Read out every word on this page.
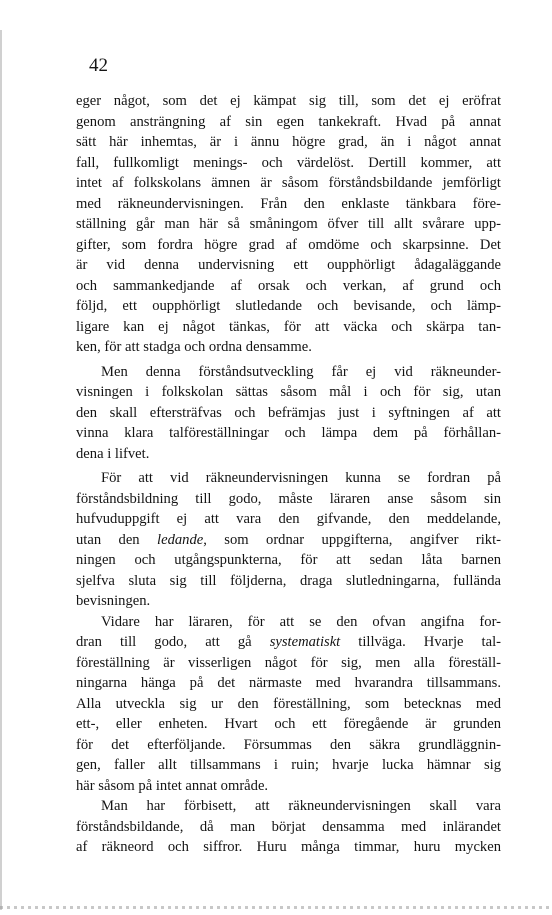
42
eger något, som det ej kämpat sig till, som det ej eröfrat
genom ansträngning af sin egen tankekraft. Hvad på annat
sätt här inhemtas, är i ännu högre grad, än i något annat
fall, fullkomligt menings- och värdelöst. Dertill kommer, att
intet af folkskolans ämnen är såsom förståndsbildande jemförligt
med räkneundervisningen. Från den enklaste tänkbara före-
ställning går man här så småningom öfver till allt svårare upp-
gifter, som fordra högre grad af omdöme och skarpsinne. Det
är vid denna undervisning ett oupphörligt ådagaläggande
och sammankedjande af orsak och verkan, af grund och
följd, ett oupphörligt slutledande och bevisande, och lämp-
ligare kan ej något tänkas, för att väcka och skärpa tan-
ken, för att stadga och ordna densamme.
Men denna förståndsutveckling får ej vid räkneunder-
visningen i folkskolan sättas såsom mål i och för sig, utan
den skall eftersträfvas och befrämjas just i syftningen af att
vinna klara talföreställningar och lämpa dem på förhållan-
dena i lifvet.
För att vid räkneundervisningen kunna se fordran på
förståndsbildning till godo, måste läraren anse såsom sin
hufvuduppgift ej att vara den gifvande, den meddelande,
utan den ledande, som ordnar uppgifterna, angifver rikt-
ningen och utgångspunkterna, för att sedan låta barnen
sjelfva sluta sig till följderna, draga slutledningarna, fullända
bevisningen.
Vidare har läraren, för att se den ofvan angifna for-
dran till godo, att gå systematiskt tillväga. Hvarje tal-
föreställning är visserligen något för sig, men alla föreställ-
ningarna hänga på det närmaste med hvarandra tillsammans.
Alla utveckla sig ur den föreställning, som betecknas med
ett-, eller enheten. Hvart och ett föregående är grunden
för det efterföljande. Försummas den säkra grundläggnin-
gen, faller allt tillsammans i ruin; hvarje lucka hämnar sig
här såsom på intet annat område.
Man har förbisett, att räkneundervisningen skall vara
förståndsbildande, då man börjat densamma med inlärandet
af räkneord och siffror. Huru många timmar, huru mycken
